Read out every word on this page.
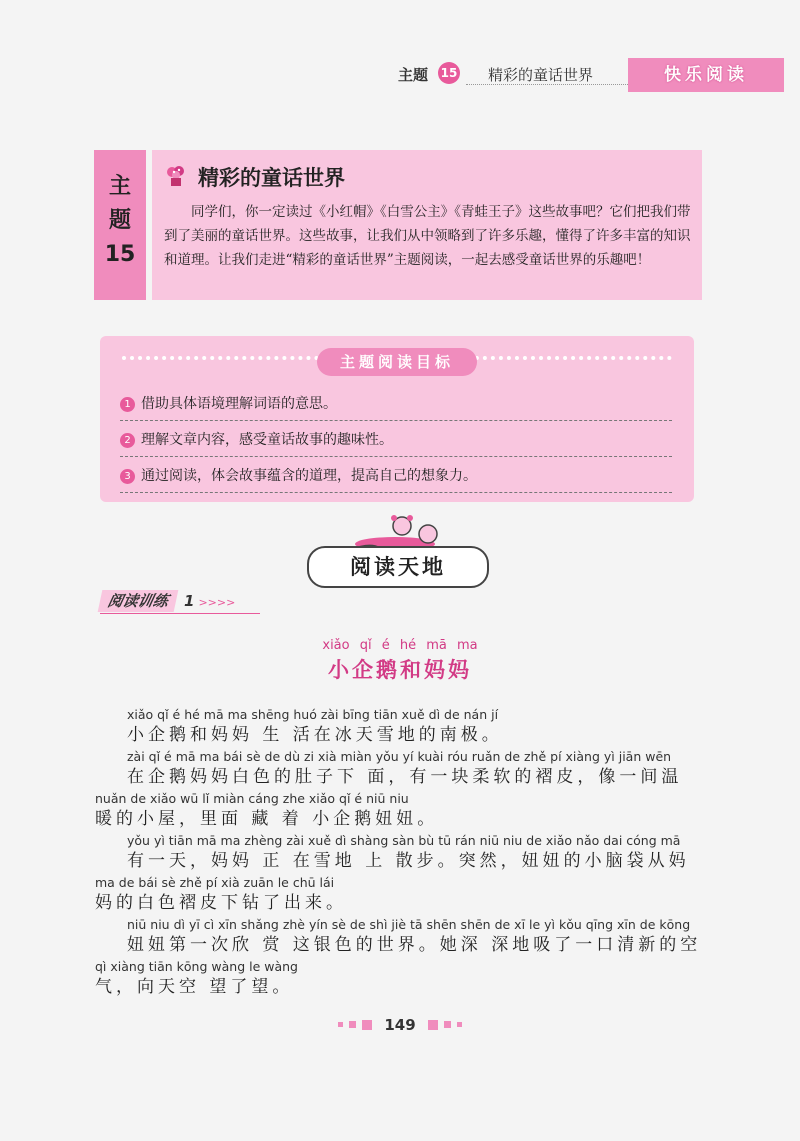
主题 15 精彩的童话世界	快乐阅读
主
题
15
精彩的童话世界
同学们，你一定读过《小红帽》《白雪公主》《青蛙王子》这些故事吧？它们把我们带到了美丽的童话世界。这些故事，让我们从中领略到了许多乐趣，懂得了许多丰富的知识和道理。让我们走进“精彩的童话世界”主题阅读，一起去感受童话世界的乐趣吧！
主题阅读目标
1 借助具体语境理解词语的意思。
2 理解文章内容，感受童话故事的趣味性。
3 通过阅读，体会故事蕴含的道理，提高自己的想象力。
阅读天地
阅读训练 1 >>>>
xiǎo qǐ é hé mā ma
小企鹅和妈妈
xiǎo qǐ é hé mā ma shēng huó zài bīng tiān xuě dì de nán jí
小企鹅和妈妈 生 活在冰天雪地的南极。
zài qǐ é mā ma bái sè de dù zi xià miàn yǒu yí kuài róu ruǎn de zhě pí xiàng yì jiān wēn
在企鹅妈妈白色的肚子下 面，有一块柔软的褶皮，像一间温
nuǎn de xiǎo wū lǐ miàn cáng zhe xiǎo qǐ é niū niu
暖的小屋，里面 藏 着 小企鹅妞妞。
yǒu yì tiān mā ma zhèng zài xuě dì shàng sàn bù tū rán niū niu de xiǎo nǎo dai cóng mā
有一天，妈妈 正 在雪地 上 散步。突然，妞妞的小脑袋从妈
ma de bái sè zhě pí xià zuān le chū lái
妈的白色褶皮下钻了出来。
niū niu dì yī cì xīn shǎng zhè yín sè de shì jiè tā shēn shēn de xī le yì kǒu qīng xīn de kōng
妞妞第一次欣 赏 这银色的世界。她深 深地吸了一口清新的空
qì xiàng tiān kōng wàng le wàng
气，向天空 望了望。
149
